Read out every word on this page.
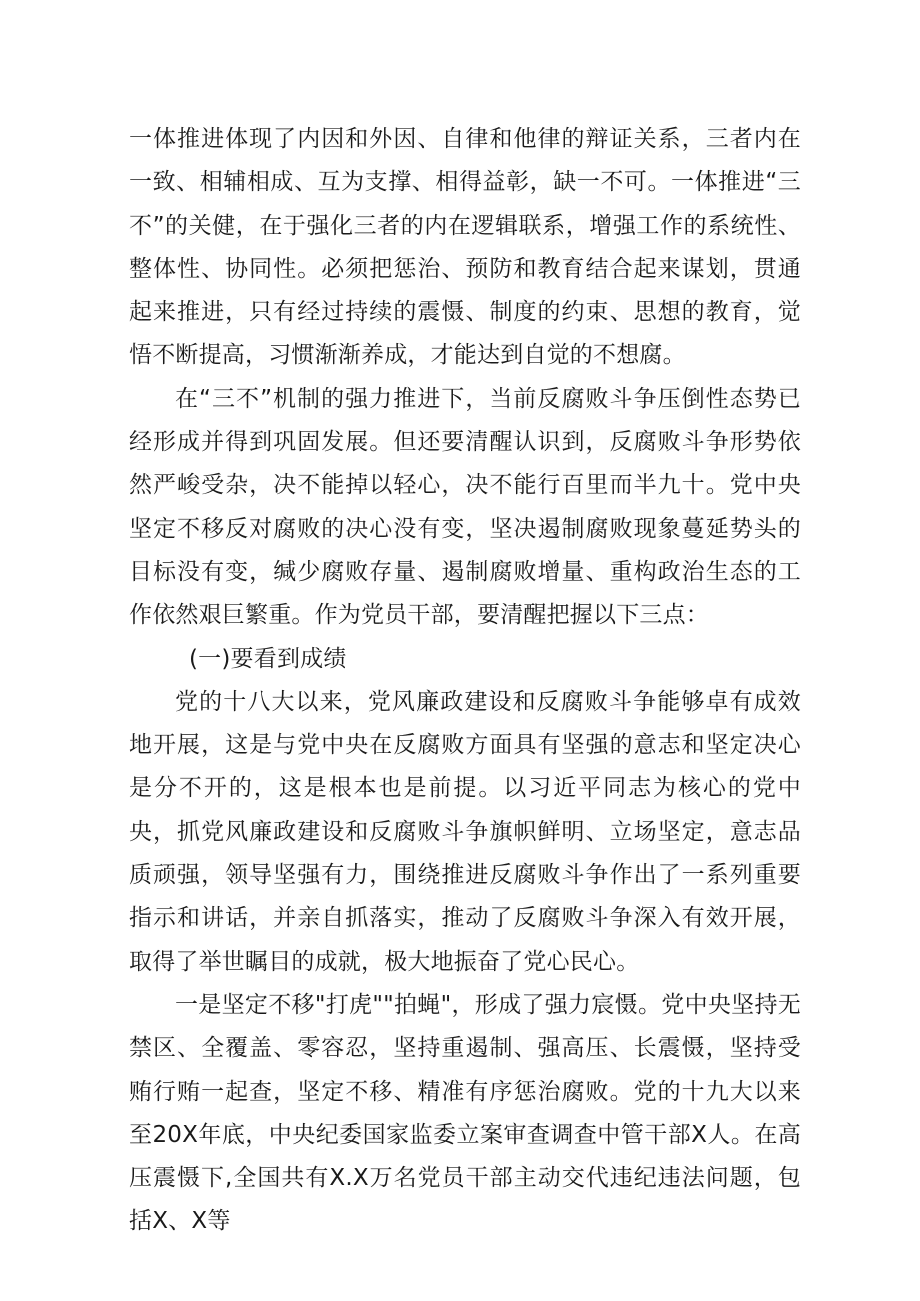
一体推进体现了内因和外因、自律和他律的辩证关系，三者内在一致、相辅相成、互为支撑、相得益彰，缺一不可。一体推进“三不”的关健，在于强化三者的内在逻辑联系，增强工作的系统性、整体性、协同性。必须把惩治、预防和教育结合起来谋划，贯通起来推进，只有经过持续的震慑、制度的约束、思想的教育，觉悟不断提高，习惯渐渐养成，才能达到自觉的不想腐。

在“三不”机制的强力推进下，当前反腐败斗争压倒性态势已经形成并得到巩固发展。但还要清醒认识到，反腐败斗争形势依然严峻受杂，决不能掉以轻心，决不能行百里而半九十。党中央坚定不移反对腐败的决心没有变，坚决遏制腐败现象蔓延势头的目标没有变，缄少腐败存量、遏制腐败增量、重构政治生态的工作依然艰巨繁重。作为党员干部，要清醒把握以下三点：

(一)要看到成绩

党的十八大以来，党风廉政建设和反腐败斗争能够卓有成效地开展，这是与党中央在反腐败方面具有坚强的意志和坚定决心是分不开的，这是根本也是前提。以习近平同志为核心的党中央，抓党风廉政建设和反腐败斗争旗帜鲜明、立场坚定，意志品质顽强，领导坚强有力，围绕推进反腐败斗争作出了一系列重要指示和讲话，并亲自抓落实，推动了反腐败斗争深入有效开展，取得了举世瞩目的成就，极大地振奋了党心民心。

一是坚定不移"打虎""拍蝇"，形成了强力宸慑。党中央坚持无禁区、全覆盖、零容忍，坚持重遏制、强高压、长震慑，坚持受贿行贿一起查，坚定不移、精准有序惩治腐败。党的十九大以来至20X年底，中央纪委国家监委立案审查调查中管干部X人。在高压震慑下,全国共有X.X万名党员干部主动交代违纪违法问题，包括X、X等
